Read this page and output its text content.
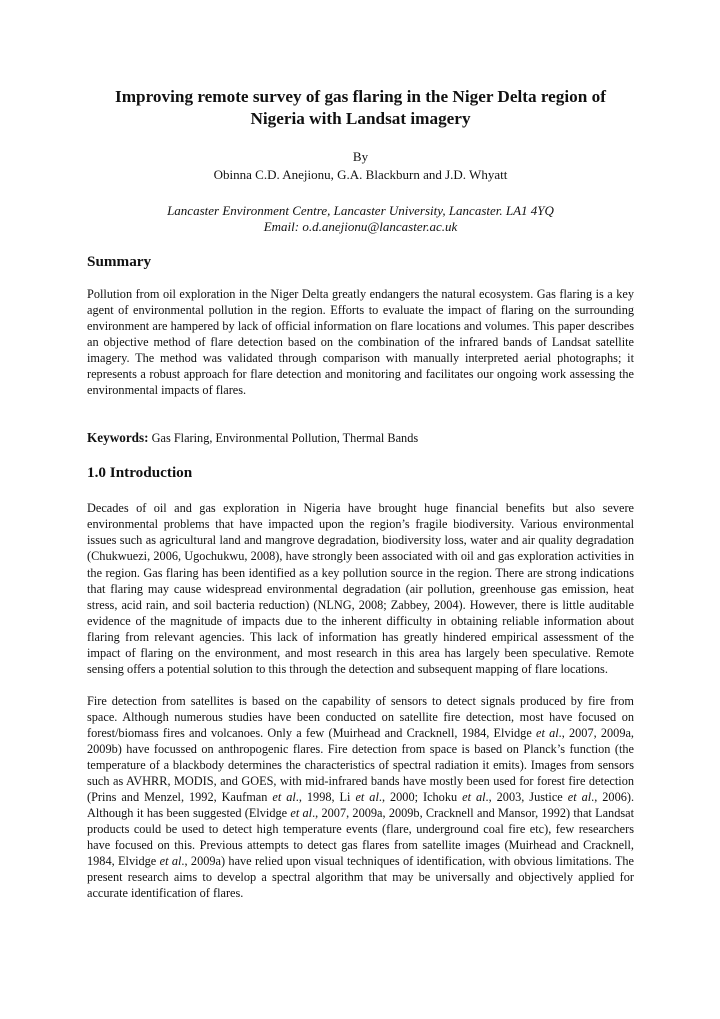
Improving remote survey of gas flaring in the Niger Delta region of Nigeria with Landsat imagery
By
Obinna C.D. Anejionu, G.A. Blackburn and J.D. Whyatt
Lancaster Environment Centre, Lancaster University, Lancaster. LA1 4YQ
Email: o.d.anejionu@lancaster.ac.uk
Summary

Pollution from oil exploration in the Niger Delta greatly endangers the natural ecosystem. Gas flaring is a key agent of environmental pollution in the region. Efforts to evaluate the impact of flaring on the surrounding environment are hampered by lack of official information on flare locations and volumes. This paper describes an objective method of flare detection based on the combination of the infrared bands of Landsat satellite imagery. The method was validated through comparison with manually interpreted aerial photographs; it represents a robust approach for flare detection and monitoring and facilitates our ongoing work assessing the environmental impacts of flares.

Keywords: Gas Flaring, Environmental Pollution, Thermal Bands
1.0 Introduction

Decades of oil and gas exploration in Nigeria have brought huge financial benefits but also severe environmental problems that have impacted upon the region’s fragile biodiversity. Various environmental issues such as agricultural land and mangrove degradation, biodiversity loss, water and air quality degradation (Chukwuezi, 2006, Ugochukwu, 2008), have strongly been associated with oil and gas exploration activities in the region. Gas flaring has been identified as a key pollution source in the region. There are strong indications that flaring may cause widespread environmental degradation (air pollution, greenhouse gas emission, heat stress, acid rain, and soil bacteria reduction) (NLNG, 2008; Zabbey, 2004). However, there is little auditable evidence of the magnitude of impacts due to the inherent difficulty in obtaining reliable information about flaring from relevant agencies. This lack of information has greatly hindered empirical assessment of the impact of flaring on the environment, and most research in this area has largely been speculative. Remote sensing offers a potential solution to this through the detection and subsequent mapping of flare locations.

Fire detection from satellites is based on the capability of sensors to detect signals produced by fire from space. Although numerous studies have been conducted on satellite fire detection, most have focused on forest/biomass fires and volcanoes. Only a few (Muirhead and Cracknell, 1984, Elvidge et al., 2007, 2009a, 2009b) have focussed on anthropogenic flares. Fire detection from space is based on Planck’s function (the temperature of a blackbody determines the characteristics of spectral radiation it emits). Images from sensors such as AVHRR, MODIS, and GOES, with mid-infrared bands have mostly been used for forest fire detection (Prins and Menzel, 1992, Kaufman et al., 1998, Li et al., 2000; Ichoku et al., 2003, Justice et al., 2006). Although it has been suggested (Elvidge et al., 2007, 2009a, 2009b, Cracknell and Mansor, 1992) that Landsat products could be used to detect high temperature events (flare, underground coal fire etc), few researchers have focused on this. Previous attempts to detect gas flares from satellite images (Muirhead and Cracknell, 1984, Elvidge et al., 2009a) have relied upon visual techniques of identification, with obvious limitations. The present research aims to develop a spectral algorithm that may be universally and objectively applied for accurate identification of flares.
